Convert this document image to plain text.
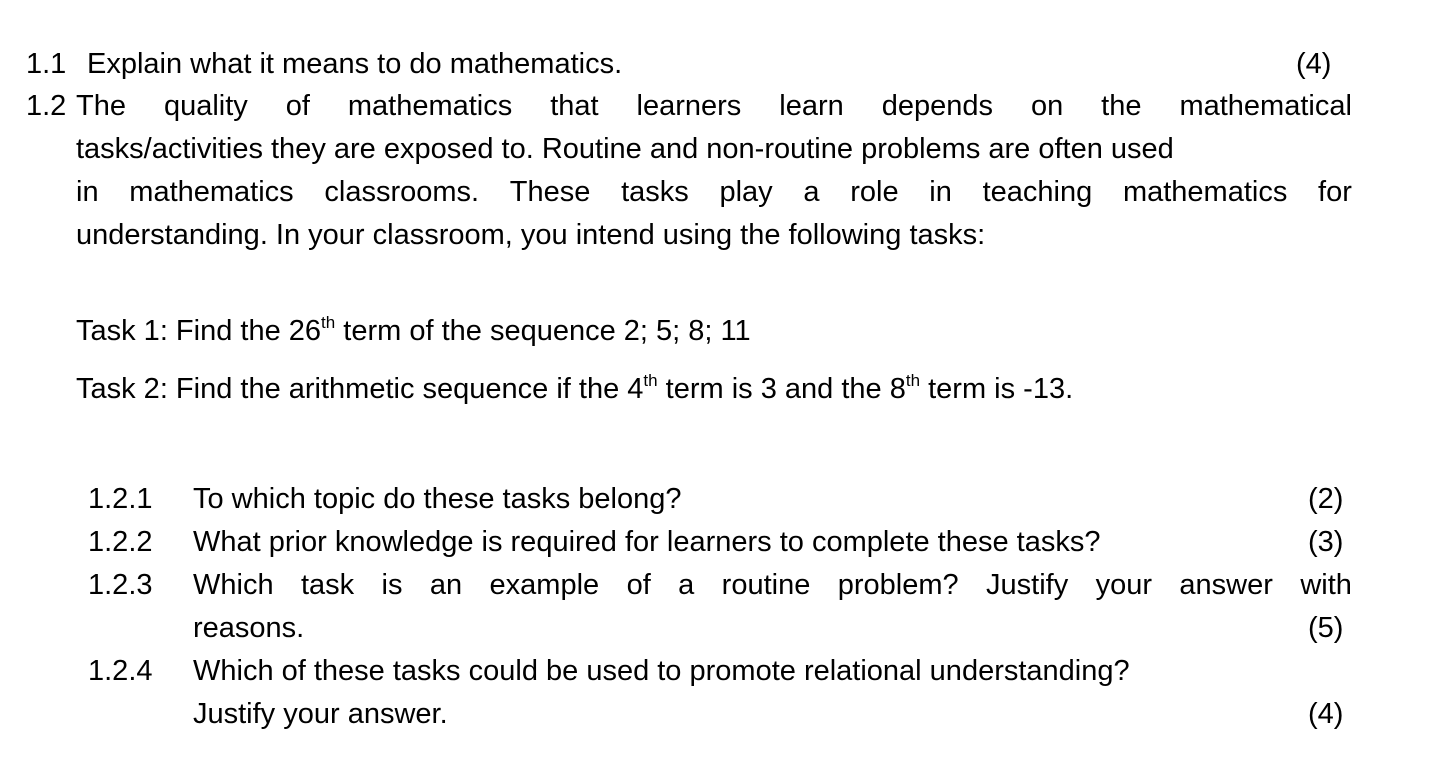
1.1 Explain what it means to do mathematics.	(4)
1.2 The quality of mathematics that learners learn depends on the mathematical
tasks/activities they are exposed to. Routine and non-routine problems are often used
in mathematics classrooms. These tasks play a role in teaching mathematics for
understanding. In your classroom, you intend using the following tasks:
Task 1: Find the 26th term of the sequence 2; 5; 8; 11
Task 2: Find the arithmetic sequence if the 4th term is 3 and the 8th term is -13.
1.2.1 To which topic do these tasks belong?	(2)
1.2.2 What prior knowledge is required for learners to complete these tasks?	(3)
1.2.3 Which task is an example of a routine problem? Justify your answer with
reasons.	(5)
1.2.4 Which of these tasks could be used to promote relational understanding?
Justify your answer.	(4)
